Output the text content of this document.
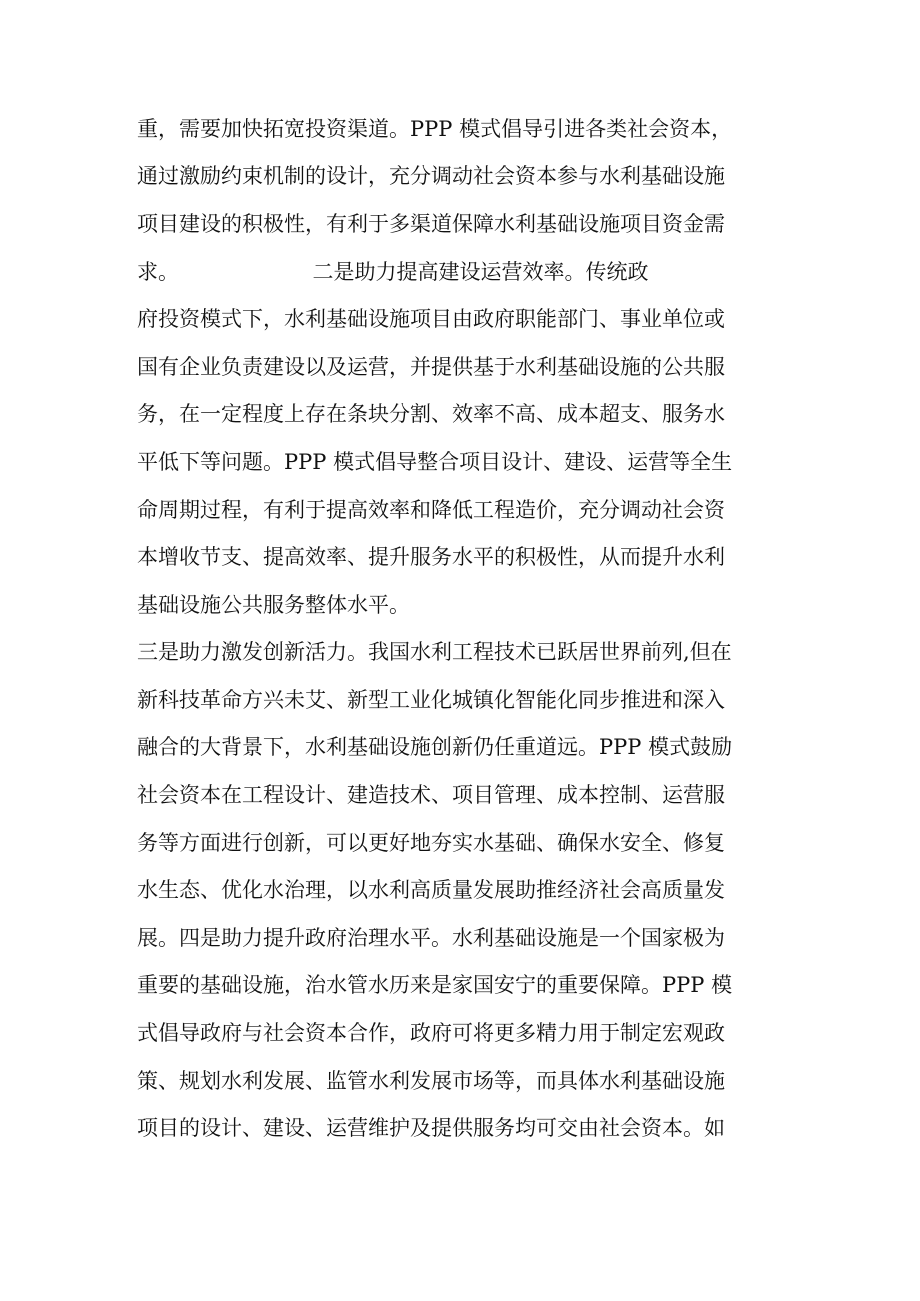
重，需要加快拓宽投资渠道。PPP 模式倡导引进各类社会资本，
通过激励约束机制的设计，充分调动社会资本参与水利基础设施
项目建设的积极性，有利于多渠道保障水利基础设施项目资金需
求。                    二是助力提高建设运营效率。传统政
府投资模式下，水利基础设施项目由政府职能部门、事业单位或
国有企业负责建设以及运营，并提供基于水利基础设施的公共服
务，在一定程度上存在条块分割、效率不高、成本超支、服务水
平低下等问题。PPP 模式倡导整合项目设计、建设、运营等全生
命周期过程，有利于提高效率和降低工程造价，充分调动社会资
本增收节支、提高效率、提升服务水平的积极性，从而提升水利
基础设施公共服务整体水平。
三是助力激发创新活力。我国水利工程技术已跃居世界前列,但在
新科技革命方兴未艾、新型工业化城镇化智能化同步推进和深入
融合的大背景下，水利基础设施创新仍任重道远。PPP 模式鼓励
社会资本在工程设计、建造技术、项目管理、成本控制、运营服
务等方面进行创新，可以更好地夯实水基础、确保水安全、修复
水生态、优化水治理，以水利高质量发展助推经济社会高质量发
展。四是助力提升政府治理水平。水利基础设施是一个国家极为
重要的基础设施，治水管水历来是家国安宁的重要保障。PPP 模
式倡导政府与社会资本合作，政府可将更多精力用于制定宏观政
策、规划水利发展、监管水利发展市场等，而具体水利基础设施
项目的设计、建设、运营维护及提供服务均可交由社会资本。如
